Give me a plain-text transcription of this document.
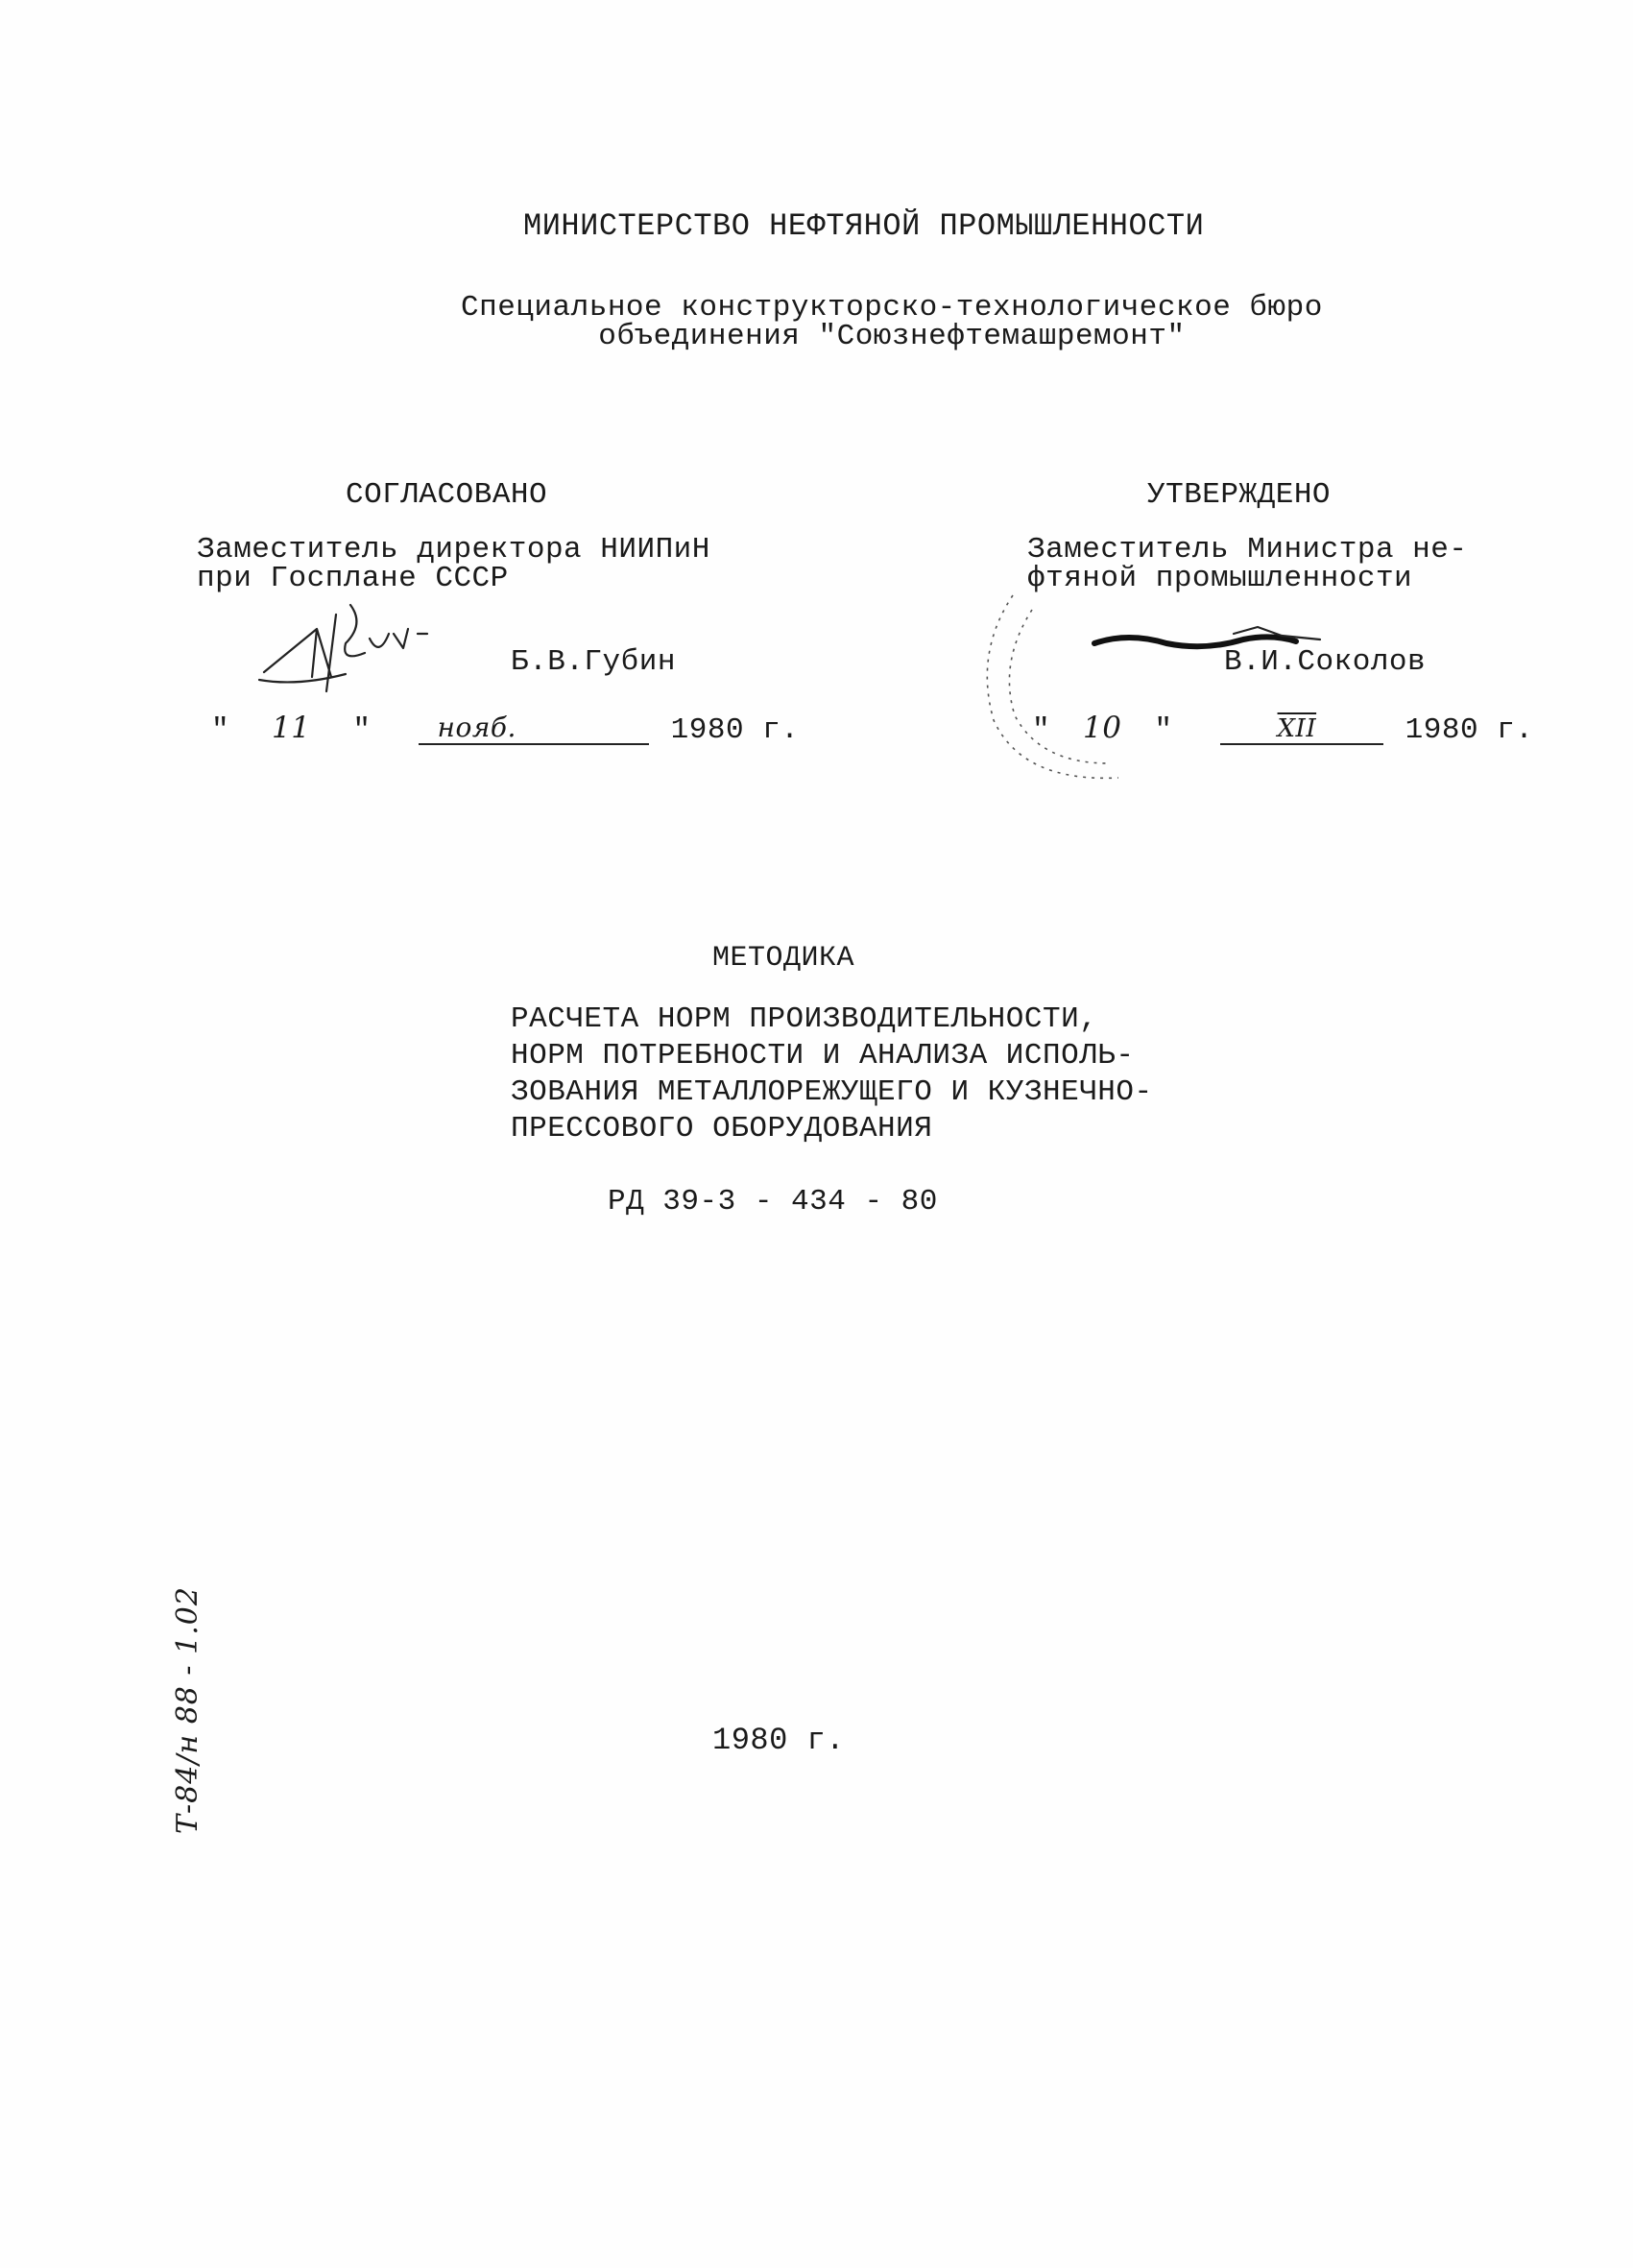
МИНИСТЕРСТВО НЕФТЯНОЙ ПРОМЫШЛЕННОСТИ
Специальное конструкторско-технологическое бюро
объединения "Союзнефтемашремонт"
СОГЛАСОВАНО
Заместитель директора НИИПиН
при Госплане СССР
Б.В.Губин
" 11 " нояб.	1980 г.
УТВЕРЖДЕНО
Заместитель Министра не-
фтяной промышленности
В.И.Соколов
" 10 "	$\overline{XII}$	1980 г.
МЕТОДИКА
РАСЧЕТА НОРМ ПРОИЗВОДИТЕЛЬНОСТИ,
НОРМ ПОТРЕБНОСТИ И АНАЛИЗА ИСПОЛЬ-
ЗОВАНИЯ МЕТАЛЛОРЕЖУЩЕГО И КУЗНЕЧНО-
ПРЕССОВОГО ОБОРУДОВАНИЯ
РД 39-3 - 434 - 80
Т-84/н 88 - 1.02	1980 г.
